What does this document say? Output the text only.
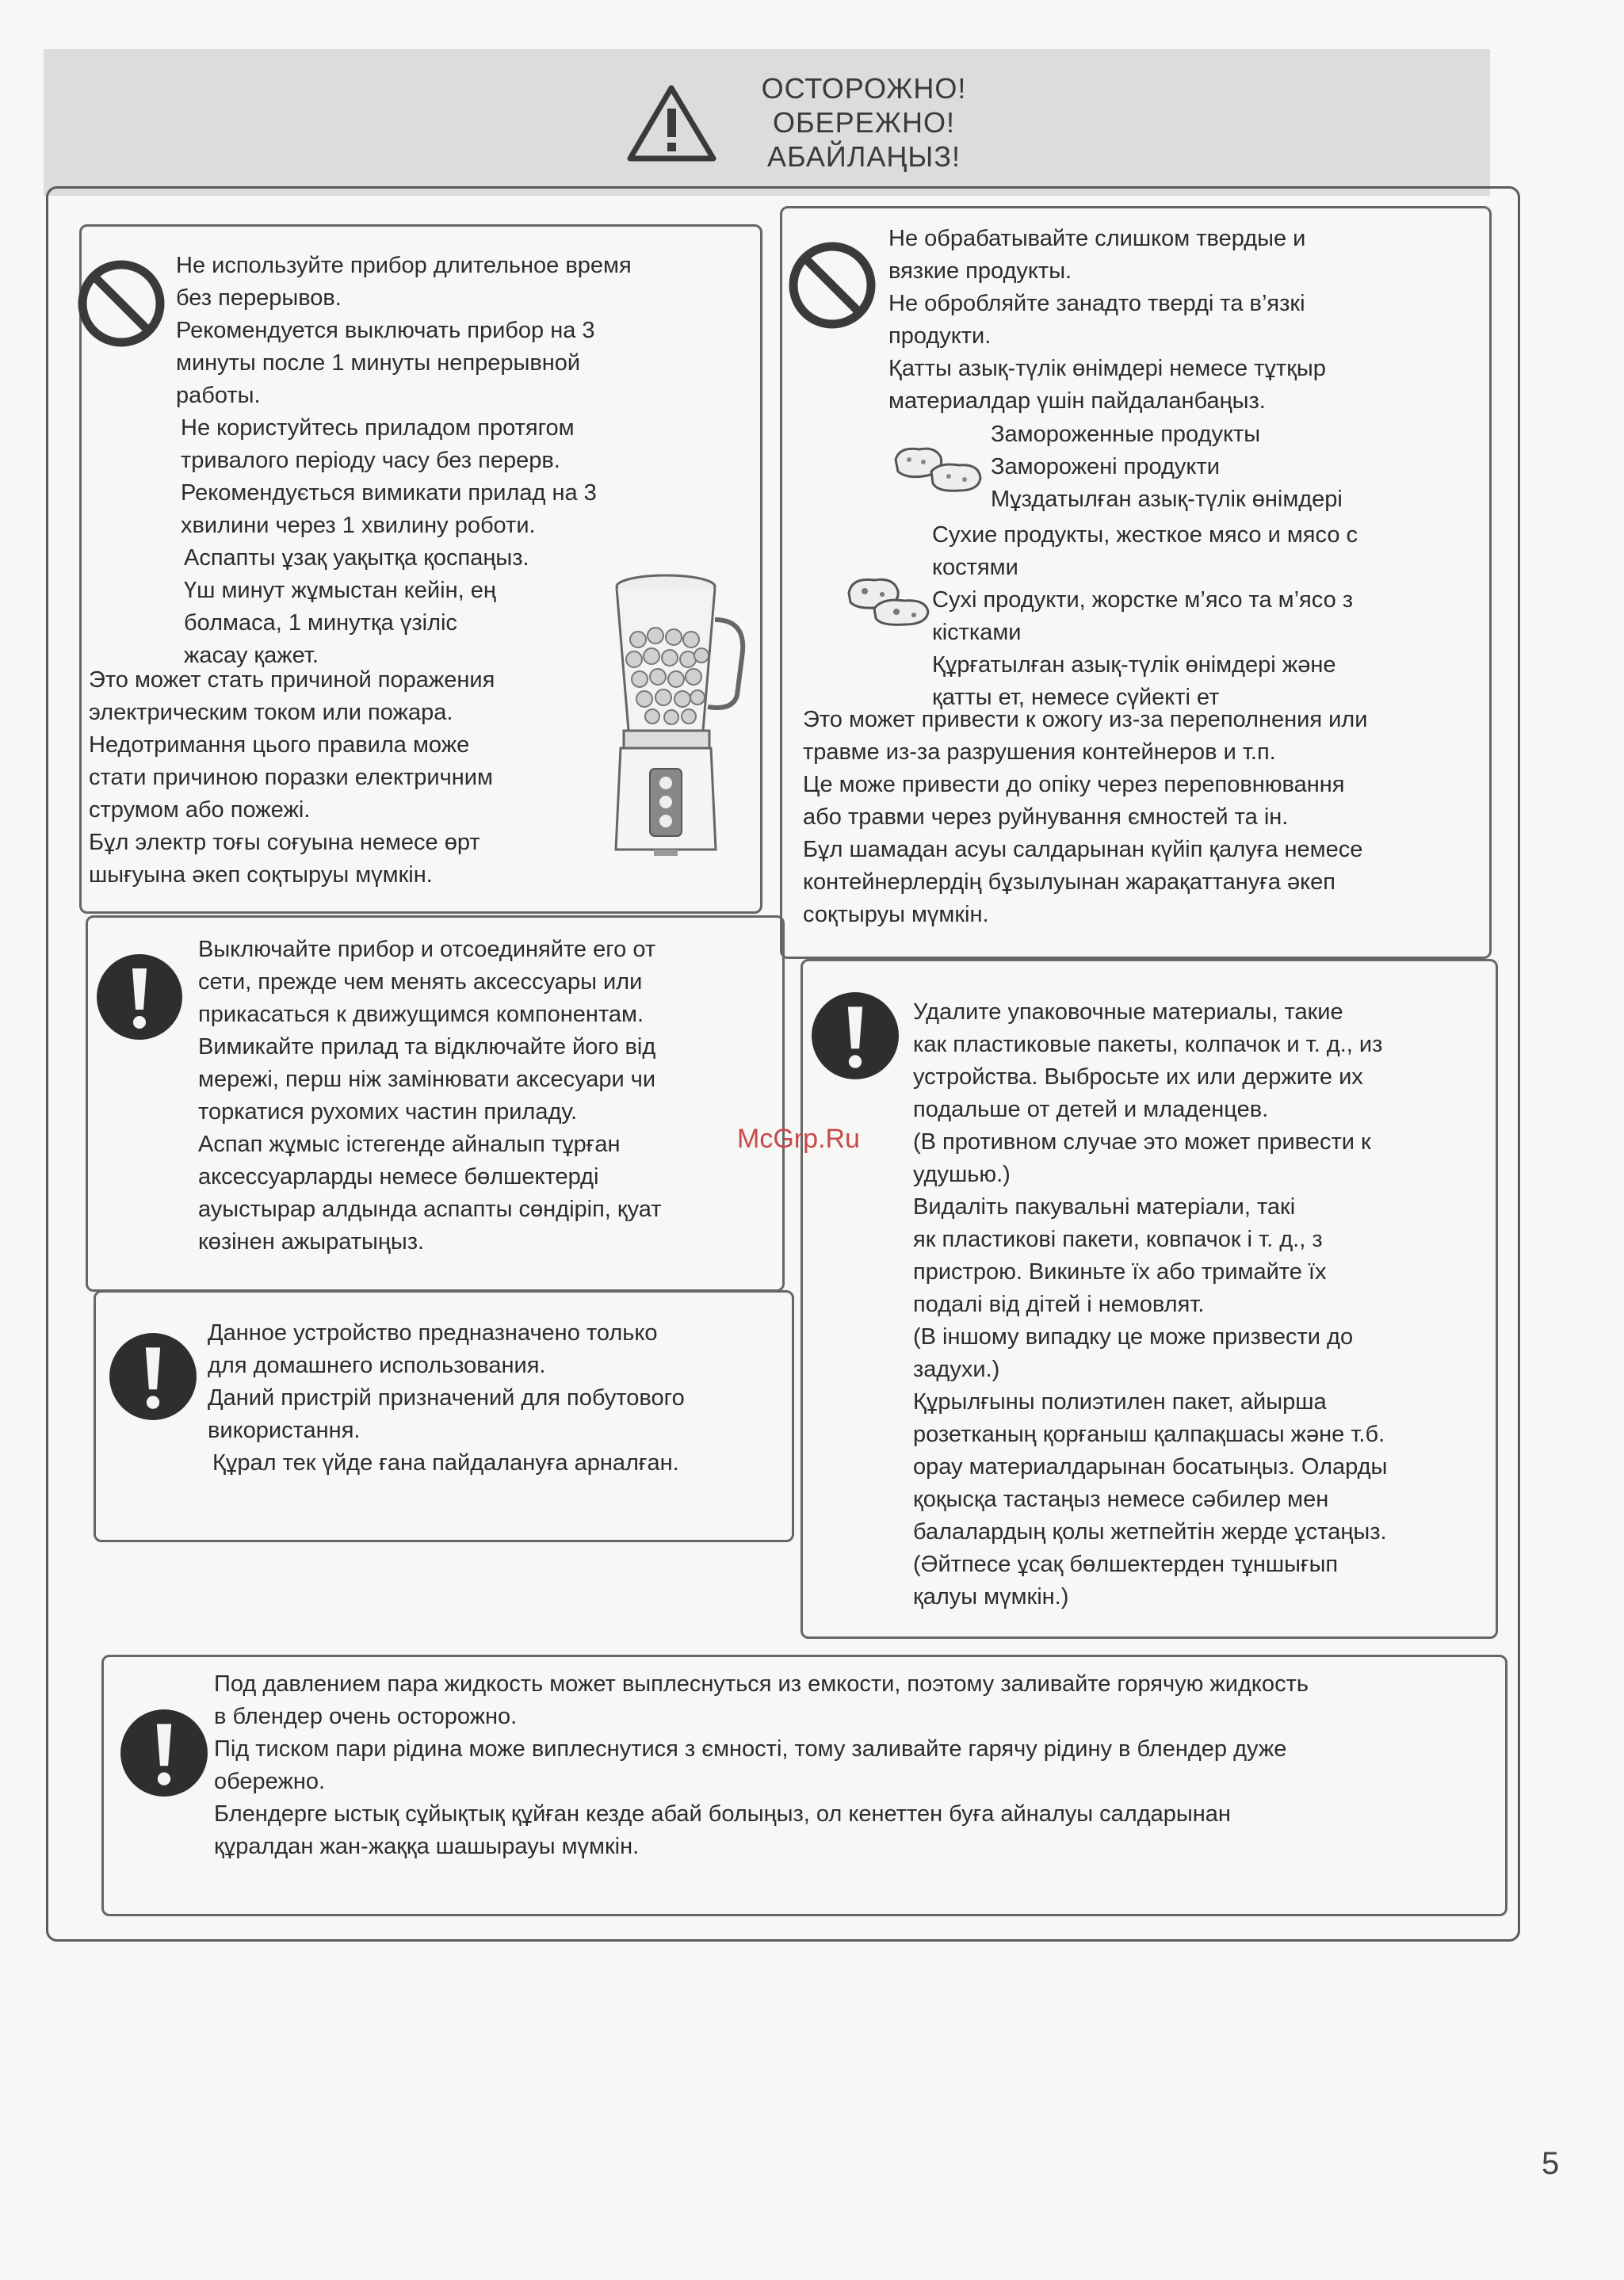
ОСТОРОЖНО!
ОБЕРЕЖНО!
АБАЙЛАҢЫЗ!
Не используйте прибор длительное время
без перерывов.
Рекомендуется выключать прибор на 3
минуты после 1 минуты непрерывной
работы.
Не користуйтесь приладом протягом
тривалого періоду часу без перерв.
Рекомендується вимикати прилад на 3
хвилини через 1 хвилину роботи.
Аспапты ұзақ уақытқа қоспаңыз.
Үш минут жұмыстан кейін, ең
болмаса, 1 минутқа үзіліс
жасау қажет.
Это может стать причиной поражения
электрическим током или пожара.
Недотримання цього правила може
стати причиною поразки електричним
струмом або пожежі.
Бұл электр тоғы соғуына немесе өрт
шығуына әкеп соқтыруы мүмкін.
Не обрабатывайте слишком твердые и
вязкие продукты.
Не обробляйте занадто тверді та в’язкі
продукти.
Қатты азық-түлік өнімдері немесе тұтқыр
материалдар үшін пайдаланбаңыз.
Замороженные продукты
Заморожені продукти
Мұздатылған азық-түлік өнімдері
Сухие продукты, жесткое мясо и мясо с
костями
Сухі продукти, жорстке м’ясо та м’ясо з
кістками
Құрғатылған азық-түлік өнімдері және
қатты ет, немесе сүйекті ет
Это может привести к ожогу из-за переполнения или
травме из-за разрушения контейнеров и т.п.
Це може привести до опіку через переповнювання
або травми через руйнування ємностей та ін.
Бұл шамадан асуы салдарынан күйіп қалуға немесе
контейнерлердің бұзылуынан жарақаттануға әкеп
соқтыруы мүмкін.
Выключайте прибор и отсоединяйте его от
сети, прежде чем менять аксессуары или
прикасаться к движущимся компонентам.
Вимикайте прилад та відключайте його від
мережі, перш ніж замінювати аксесуари чи
торкатися рухомих частин приладу.
Аспап жұмыс істегенде айналып тұрған
аксессуарларды немесе бөлшектерді
ауыстырар алдында аспапты сөндіріп, қуат
көзінен ажыратыңыз.
Удалите упаковочные материалы, такие
как пластиковые пакеты, колпачок и т. д., из
устройства. Выбросьте их или держите их
подальше от детей и младенцев.
(В противном случае это может привести к
удушью.)
Видаліть пакувальні матеріали, такі
як пластикові пакети, ковпачок і т. д., з
пристрою. Викиньте їх або тримайте їх
подалі від дітей і немовлят.
(В іншому випадку це може призвести до
задухи.)
Құрылғыны полиэтилен пакет, айырша
розетканың қорғаныш қалпақшасы және т.б.
орау материалдарынан босатыңыз. Оларды
қоқысқа тастаңыз немесе сәбилер мен
балалардың қолы жетпейтін жерде ұстаңыз.
(Әйтпесе ұсақ бөлшектерден тұншығып
қалуы мүмкін.)
McGrp.Ru
Данное устройство предназначено только
для домашнего использования.
Даний пристрій призначений для побутового
використання.
Құрал тек үйде ғана пайдалануға арналған.
Под давлением пара жидкость может выплеснуться из емкости, поэтому заливайте горячую жидкость
в блендер очень осторожно.
Під тиском пари рідина може виплеснутися з ємності, тому заливайте гарячу рідину в блендер дуже
обережно.
Блендерге ыстық сұйықтық құйған кезде абай болыңыз, ол кенеттен буға айналуы салдарынан
құралдан жан-жаққа шашырауы мүмкін.
5
